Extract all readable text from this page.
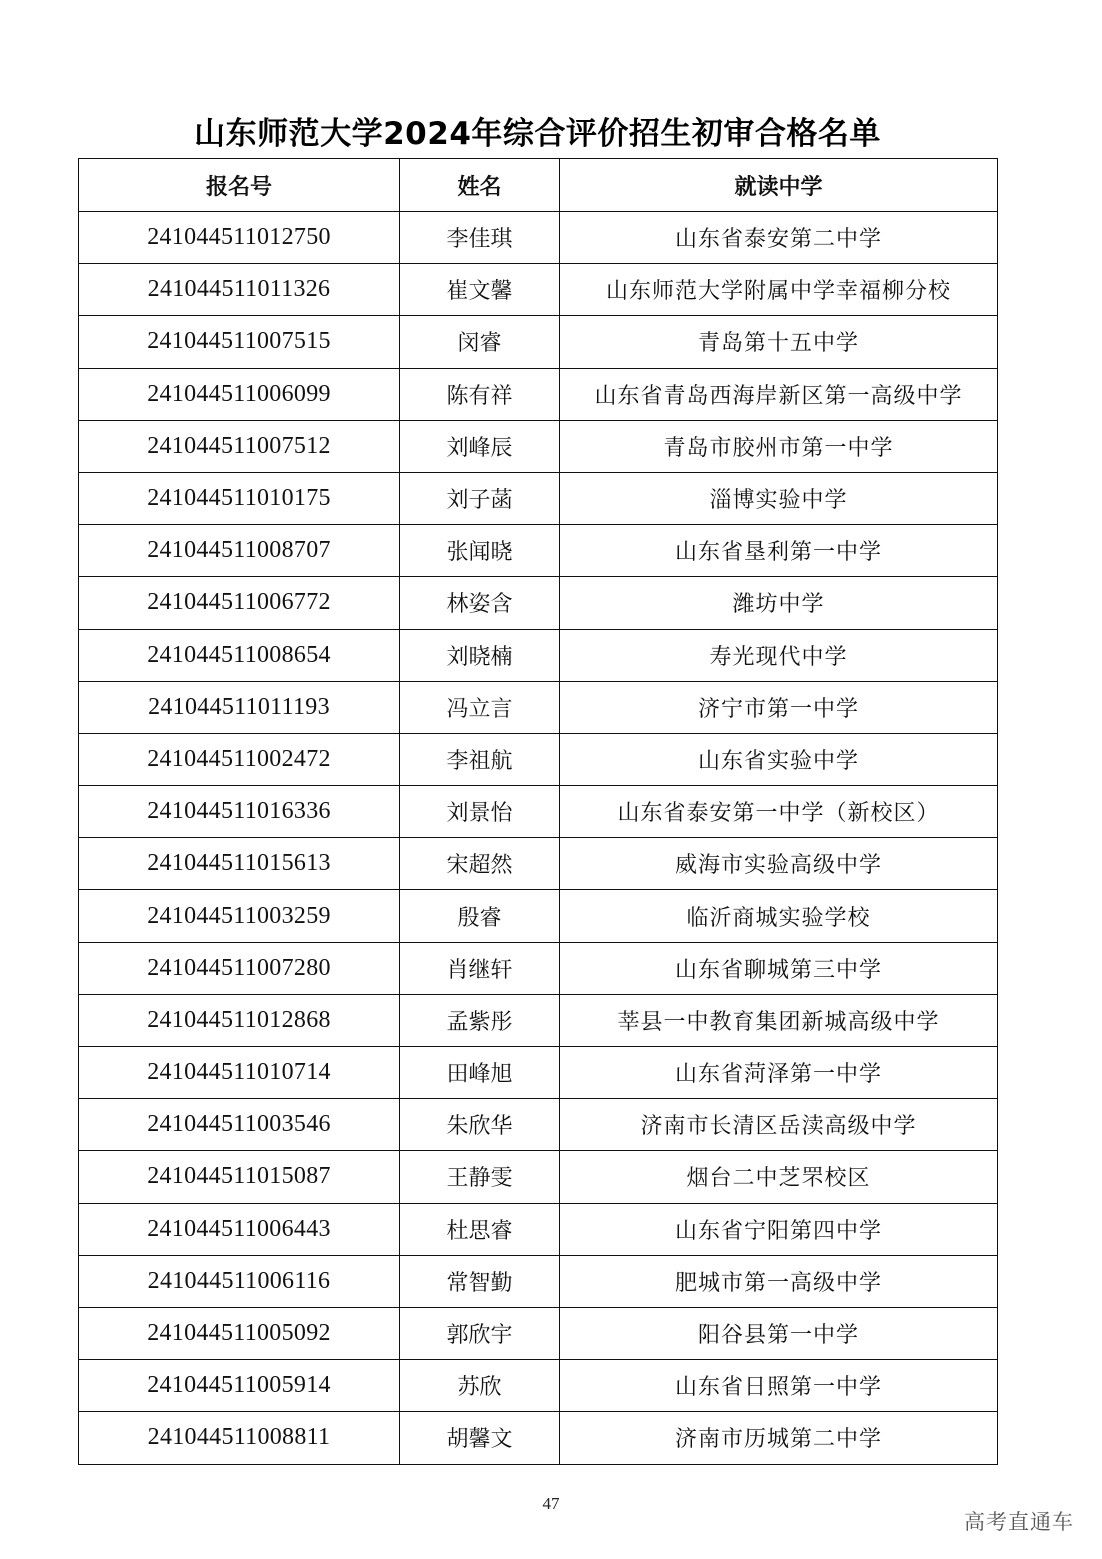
山东师范大学2024年综合评价招生初审合格名单
报名号	姓名	就读中学
241044511012750	李佳琪	山东省泰安第二中学
241044511011326	崔文馨	山东师范大学附属中学幸福柳分校
241044511007515	闵睿	青岛第十五中学
241044511006099	陈有祥	山东省青岛西海岸新区第一高级中学
241044511007512	刘峰辰	青岛市胶州市第一中学
241044511010175	刘子菡	淄博实验中学
241044511008707	张闻晓	山东省垦利第一中学
241044511006772	林姿含	潍坊中学
241044511008654	刘晓楠	寿光现代中学
241044511011193	冯立言	济宁市第一中学
241044511002472	李祖航	山东省实验中学
241044511016336	刘景怡	山东省泰安第一中学（新校区）
241044511015613	宋超然	威海市实验高级中学
241044511003259	殷睿	临沂商城实验学校
241044511007280	肖继轩	山东省聊城第三中学
241044511012868	孟紫彤	莘县一中教育集团新城高级中学
241044511010714	田峰旭	山东省菏泽第一中学
241044511003546	朱欣华	济南市长清区岳渎高级中学
241044511015087	王静雯	烟台二中芝罘校区
241044511006443	杜思睿	山东省宁阳第四中学
241044511006116	常智勤	肥城市第一高级中学
241044511005092	郭欣宇	阳谷县第一中学
241044511005914	苏欣	山东省日照第一中学
241044511008811	胡馨文	济南市历城第二中学
47
高考直通车
